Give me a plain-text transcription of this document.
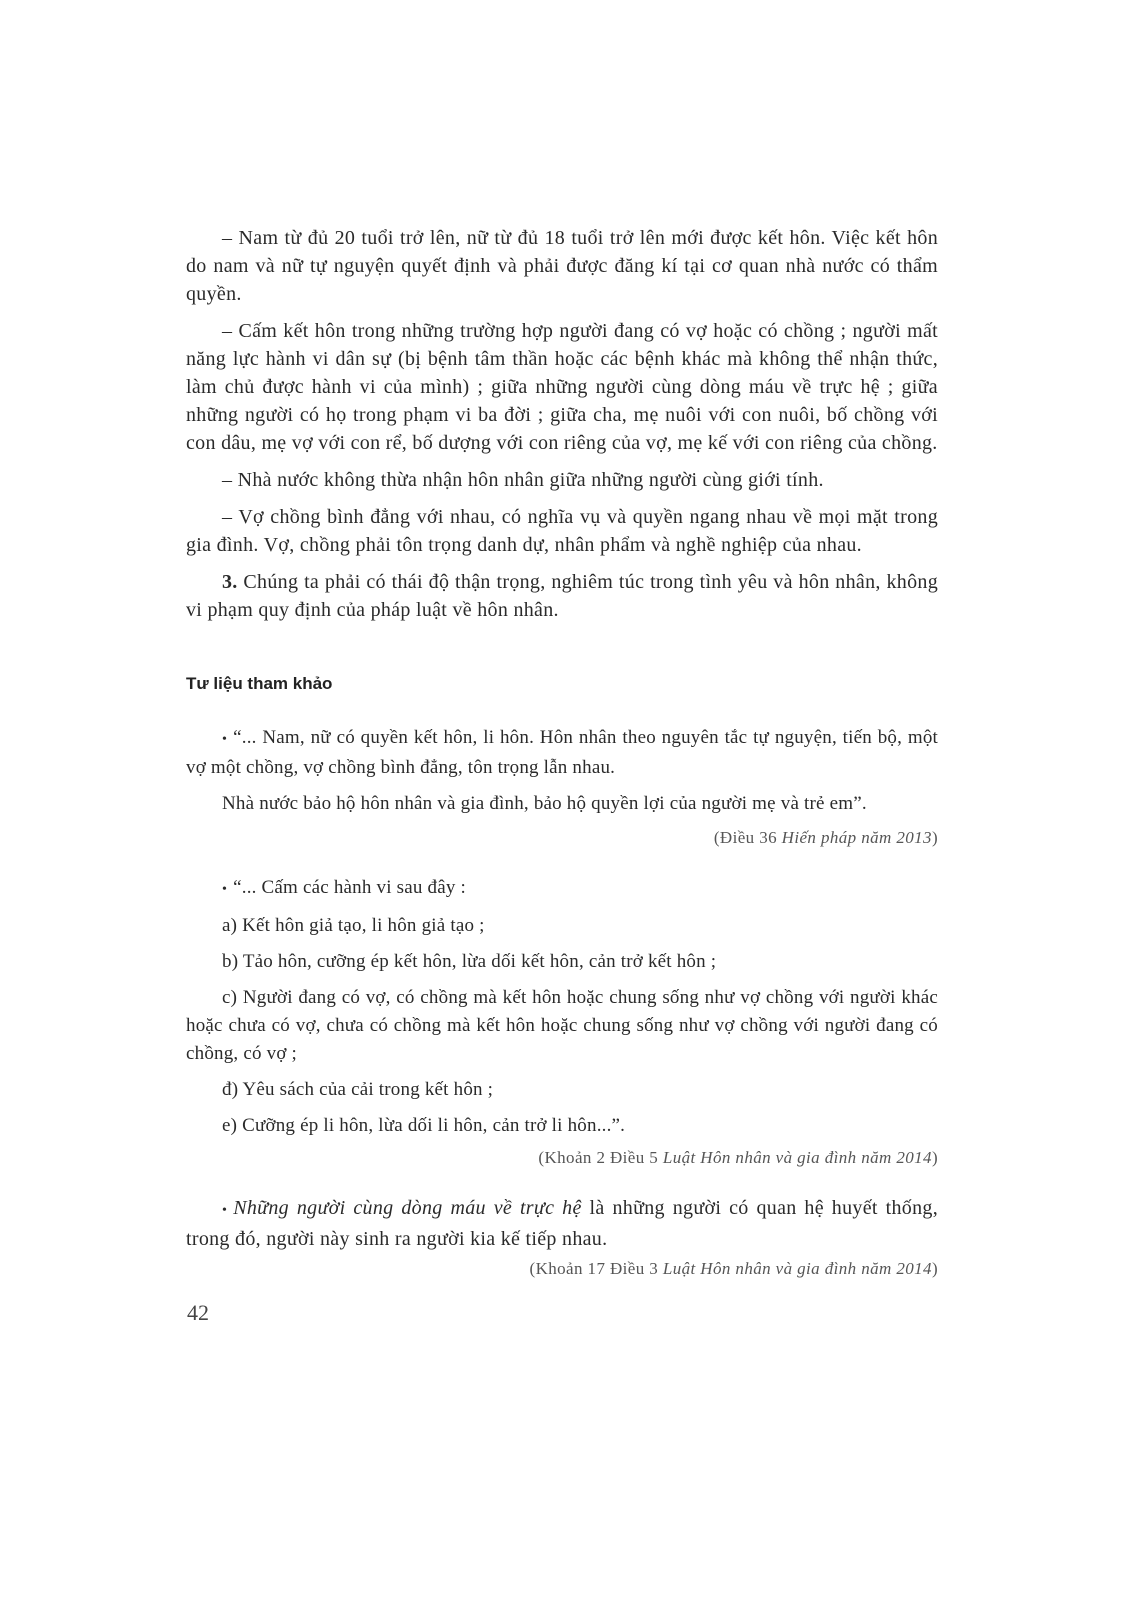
– Nam từ đủ 20 tuổi trở lên, nữ từ đủ 18 tuổi trở lên mới được kết hôn. Việc kết hôn do nam và nữ tự nguyện quyết định và phải được đăng kí tại cơ quan nhà nước có thẩm quyền.

– Cấm kết hôn trong những trường hợp người đang có vợ hoặc có chồng ; người mất năng lực hành vi dân sự (bị bệnh tâm thần hoặc các bệnh khác mà không thể nhận thức, làm chủ được hành vi của mình) ; giữa những người cùng dòng máu về trực hệ ; giữa những người có họ trong phạm vi ba đời ; giữa cha, mẹ nuôi với con nuôi, bố chồng với con dâu, mẹ vợ với con rể, bố dượng với con riêng của vợ, mẹ kế với con riêng của chồng.

– Nhà nước không thừa nhận hôn nhân giữa những người cùng giới tính.

– Vợ chồng bình đẳng với nhau, có nghĩa vụ và quyền ngang nhau về mọi mặt trong gia đình. Vợ, chồng phải tôn trọng danh dự, nhân phẩm và nghề nghiệp của nhau.

3. Chúng ta phải có thái độ thận trọng, nghiêm túc trong tình yêu và hôn nhân, không vi phạm quy định của pháp luật về hôn nhân.

Tư liệu tham khảo

• “... Nam, nữ có quyền kết hôn, li hôn. Hôn nhân theo nguyên tắc tự nguyện, tiến bộ, một vợ một chồng, vợ chồng bình đẳng, tôn trọng lẫn nhau.

Nhà nước bảo hộ hôn nhân và gia đình, bảo hộ quyền lợi của người mẹ và trẻ em”.

(Điều 36 Hiến pháp năm 2013)

• “... Cấm các hành vi sau đây :

a) Kết hôn giả tạo, li hôn giả tạo ;

b) Tảo hôn, cưỡng ép kết hôn, lừa dối kết hôn, cản trở kết hôn ;

c) Người đang có vợ, có chồng mà kết hôn hoặc chung sống như vợ chồng với người khác hoặc chưa có vợ, chưa có chồng mà kết hôn hoặc chung sống như vợ chồng với người đang có chồng, có vợ ;

đ) Yêu sách của cải trong kết hôn ;

e) Cưỡng ép li hôn, lừa dối li hôn, cản trở li hôn...”.

(Khoản 2 Điều 5 Luật Hôn nhân và gia đình năm 2014)

• Những người cùng dòng máu về trực hệ là những người có quan hệ huyết thống, trong đó, người này sinh ra người kia kế tiếp nhau.

(Khoản 17 Điều 3 Luật Hôn nhân và gia đình năm 2014)

42
